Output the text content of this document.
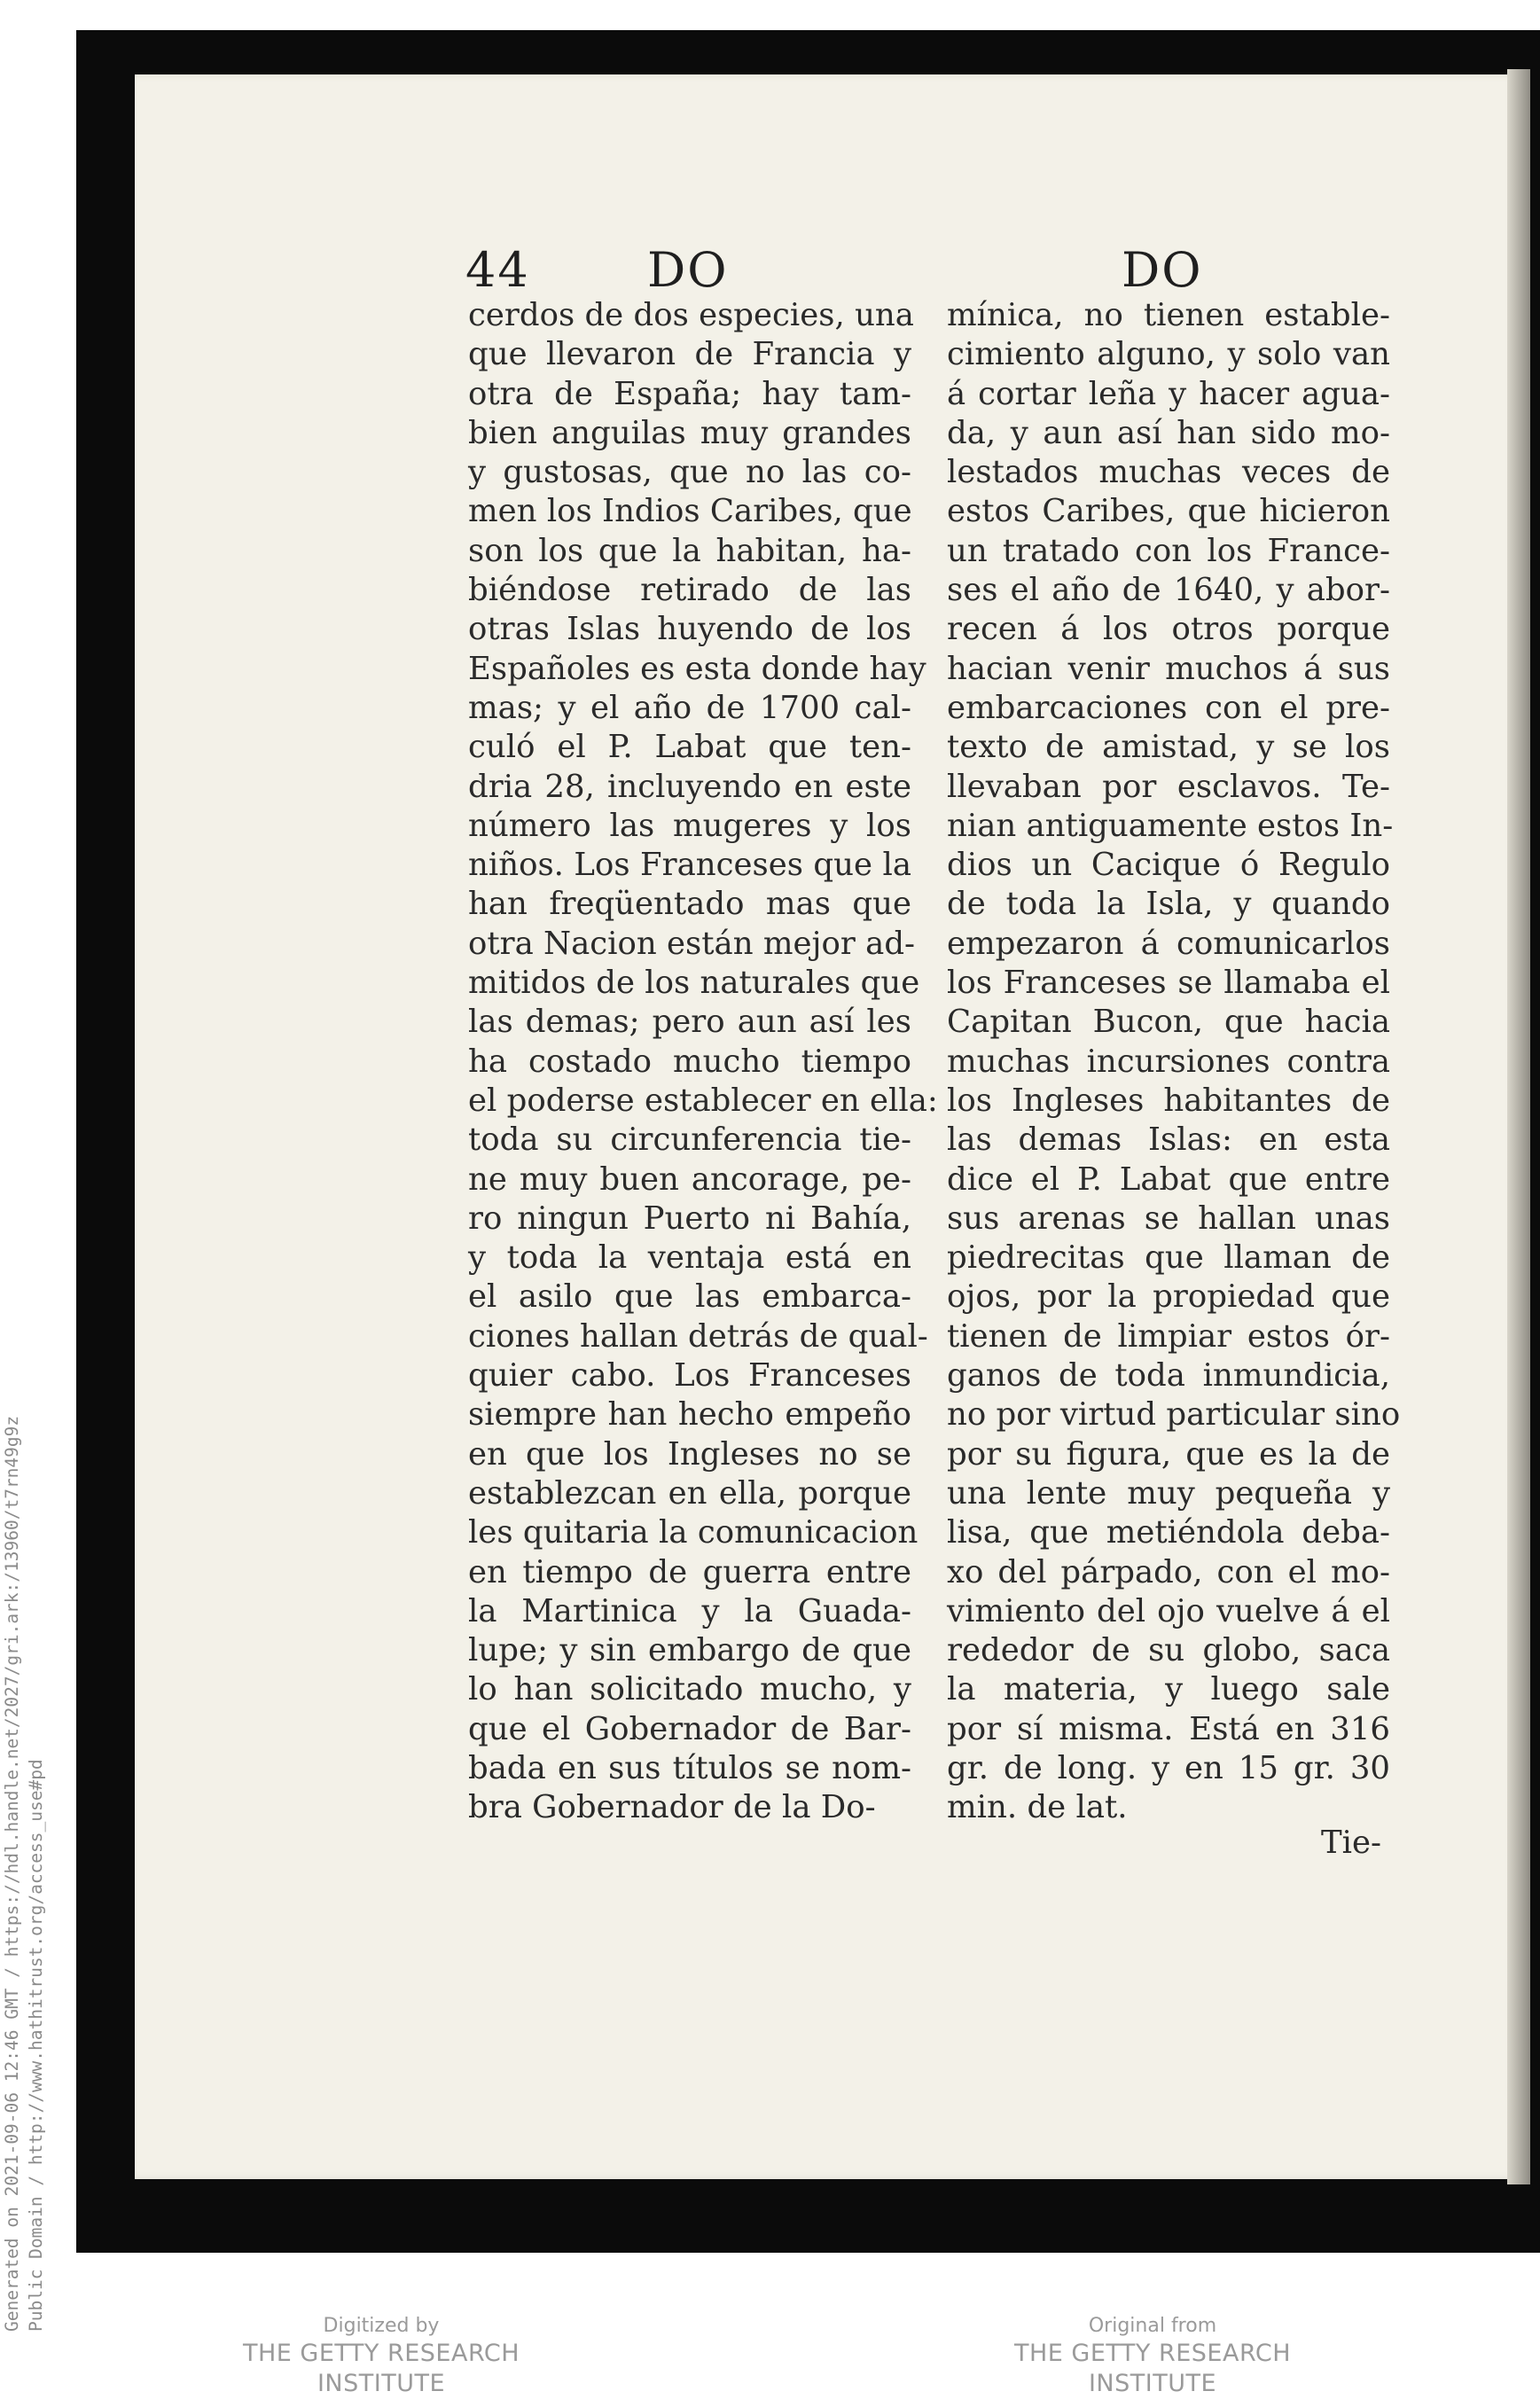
44 DO	DO
cerdos de dos especies, una
que llevaron de Francia y
otra de España; hay tam-
bien anguilas muy grandes
y gustosas, que no las co-
men los Indios Caribes, que
son los que la habitan, ha-
biéndose retirado de las
otras Islas huyendo de los
Españoles es esta donde hay
mas; y el año de 1700 cal-
culó el P. Labat que ten-
dria 28, incluyendo en este
número las mugeres y los
niños. Los Franceses que la
han freqüentado mas que
otra Nacion están mejor ad-
mitidos de los naturales que
las demas; pero aun así les
ha costado mucho tiempo
el poderse establecer en ella:
toda su circunferencia tie-
ne muy buen ancorage, pe-
ro ningun Puerto ni Bahía,
y toda la ventaja está en
el asilo que las embarca-
ciones hallan detrás de qual-
quier cabo. Los Franceses
siempre han hecho empeño
en que los Ingleses no se
establezcan en ella, porque
les quitaria la comunicacion
en tiempo de guerra entre
la Martinica y la Guada-
lupe; y sin embargo de que
lo han solicitado mucho, y
que el Gobernador de Bar-
bada en sus títulos se nom-
bra Gobernador de la Do-
mínica, no tienen estable-
cimiento alguno, y solo van
á cortar leña y hacer agua-
da, y aun así han sido mo-
lestados muchas veces de
estos Caribes, que hicieron
un tratado con los France-
ses el año de 1640, y abor-
recen á los otros porque
hacian venir muchos á sus
embarcaciones con el pre-
texto de amistad, y se los
llevaban por esclavos. Te-
nian antiguamente estos In-
dios un Cacique ó Regulo
de toda la Isla, y quando
empezaron á comunicarlos
los Franceses se llamaba el
Capitan Bucon, que hacia
muchas incursiones contra
los Ingleses habitantes de
las demas Islas: en esta
dice el P. Labat que entre
sus arenas se hallan unas
piedrecitas que llaman de
ojos, por la propiedad que
tienen de limpiar estos ór-
ganos de toda inmundicia,
no por virtud particular sino
por su figura, que es la de
una lente muy pequeña y
lisa, que metiéndola deba-
xo del párpado, con el mo-
vimiento del ojo vuelve á el
rededor de su globo, saca
la materia, y luego sale
por sí misma. Está en 316
gr. de long. y en 15 gr. 30
min. de lat.
Tie-
Generated on 2021-09-06 12:46 GMT / https://hdl.handle.net/2027/gri.ark:/13960/t7rn49g9z Public Domain / http://www.hathitrust.org/access_use#pd	Digitized by
THE GETTY RESEARCH INSTITUTE
Original from
THE GETTY RESEARCH INSTITUTE
